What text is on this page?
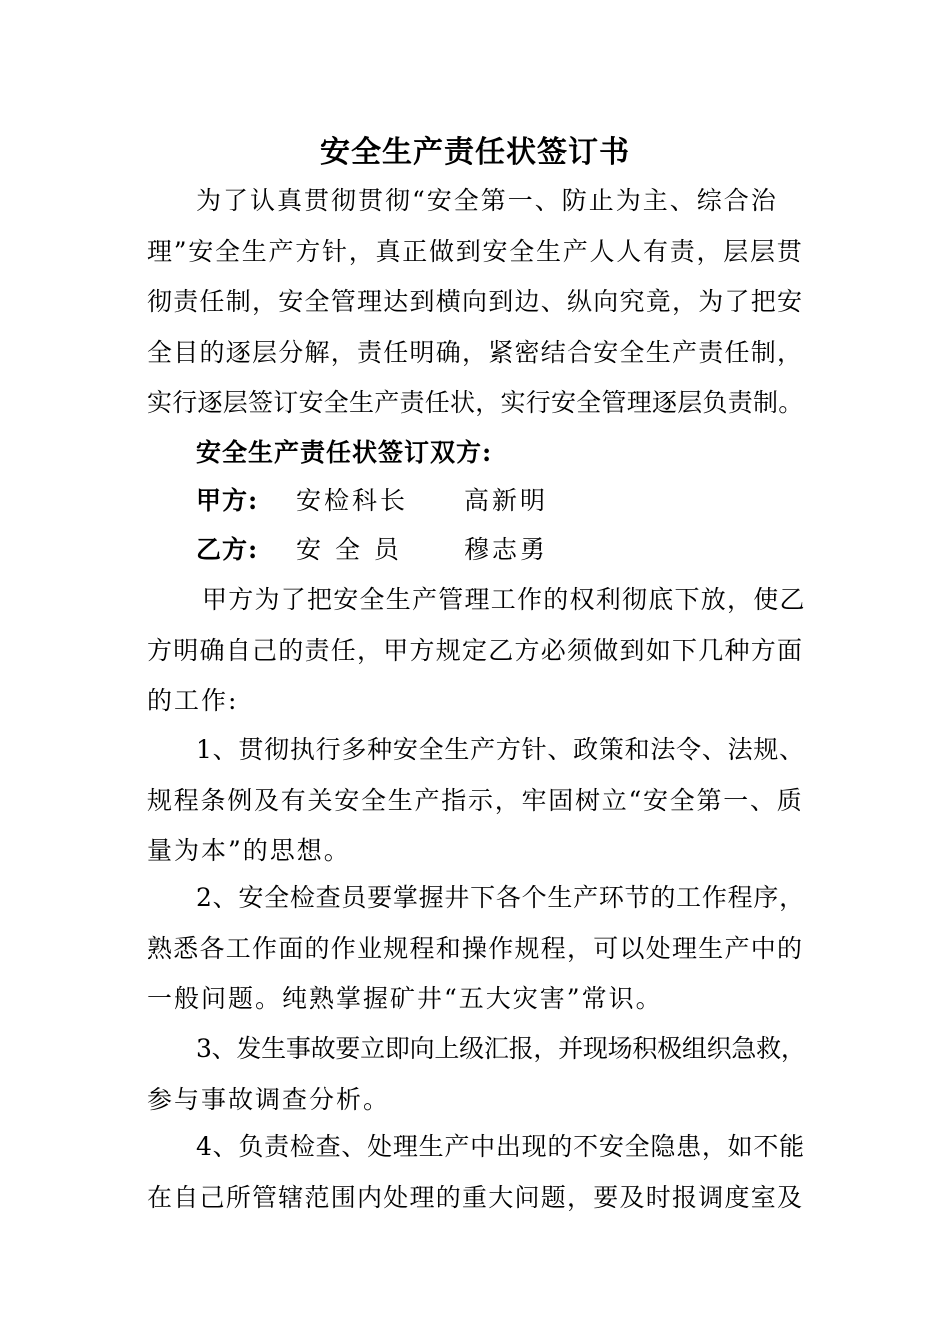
安全生产责任状签订书
为了认真贯彻贯彻“安全第一、防止为主、综合治
理”安全生产方针，真正做到安全生产人人有责，层层贯
彻责任制，安全管理达到横向到边、纵向究竟，为了把安
全目的逐层分解，责任明确，紧密结合安全生产责任制，
实行逐层签订安全生产责任状，实行安全管理逐层负责制。
安全生产责任状签订双方:
甲方: 安检科长 高新明
乙方: 安 全 员 穆志勇
甲方为了把安全生产管理工作的权利彻底下放，使乙
方明确自己的责任，甲方规定乙方必须做到如下几种方面
的工作:
1、贯彻执行多种安全生产方针、政策和法令、法规、
规程条例及有关安全生产指示，牢固树立“安全第一、质
量为本”的思想。
2、安全检查员要掌握井下各个生产环节的工作程序，
熟悉各工作面的作业规程和操作规程，可以处理生产中的
一般问题。纯熟掌握矿井“五大灾害”常识。
3、发生事故要立即向上级汇报，并现场积极组织急救，
参与事故调查分析。
4、负责检查、处理生产中出现的不安全隐患，如不能
在自己所管辖范围内处理的重大问题，要及时报调度室及
